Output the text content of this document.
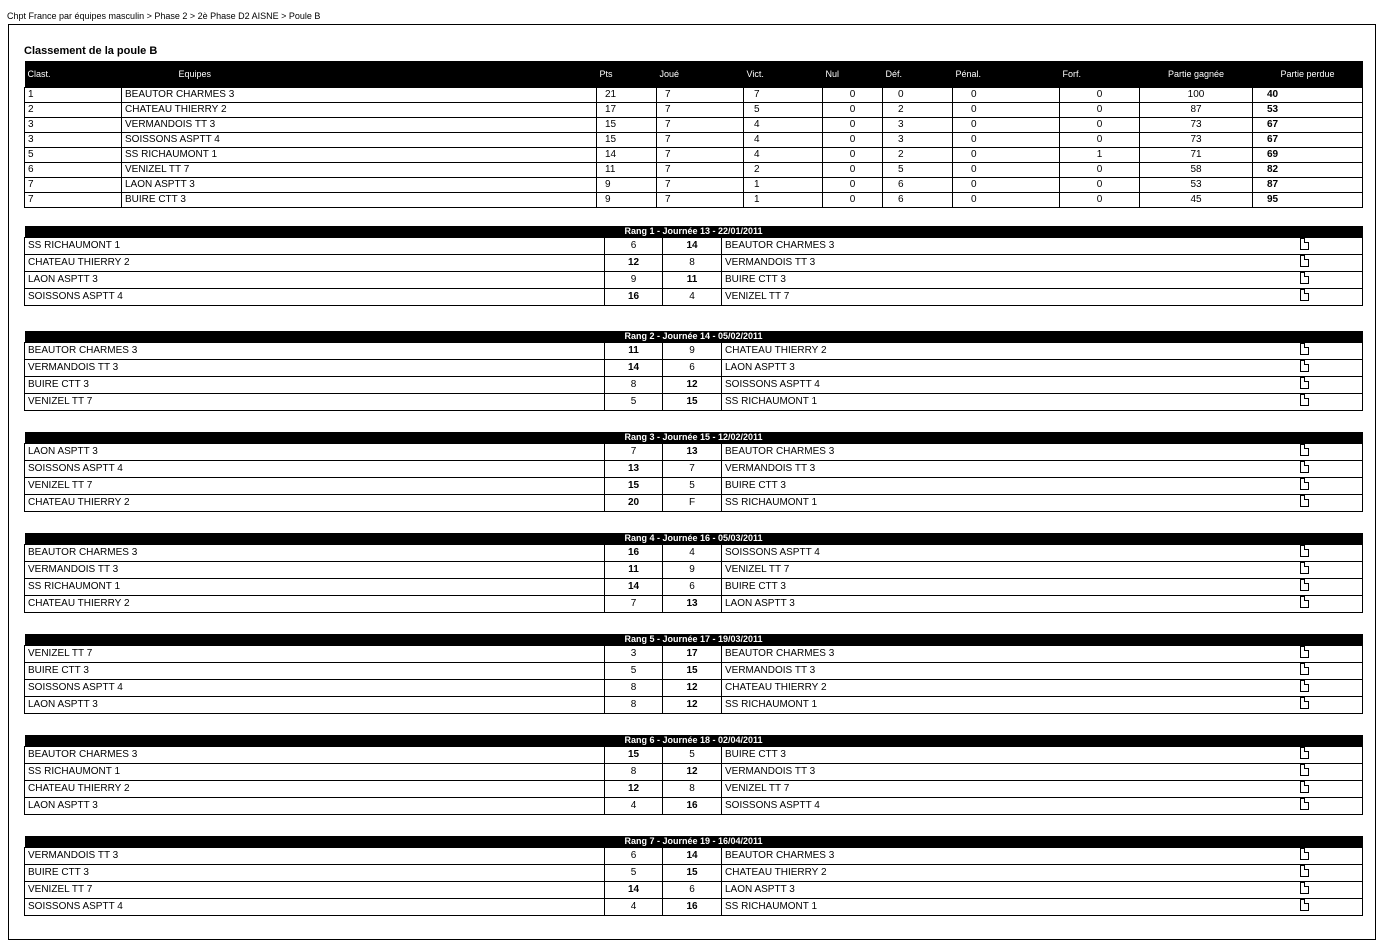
Chpt France par équipes masculin > Phase 2 > 2è Phase D2 AISNE > Poule B
Classement de la poule B
Clast.	Equipes	Pts	Joué	Vict.	Nul	Déf.	Pénal.	Forf.	Partie gagnée	Partie perdue
1	BEAUTOR CHARMES 3	21	7	7	0	0	0	0	100	40
2	CHATEAU THIERRY 2	17	7	5	0	2	0	0	87	53
3	VERMANDOIS TT 3	15	7	4	0	3	0	0	73	67
3	SOISSONS ASPTT 4	15	7	4	0	3	0	0	73	67
5	SS RICHAUMONT 1	14	7	4	0	2	0	1	71	69
6	VENIZEL TT 7	11	7	2	0	5	0	0	58	82
7	LAON ASPTT 3	9	7	1	0	6	0	0	53	87
7	BUIRE CTT 3	9	7	1	0	6	0	0	45	95
Rang 1 - Journée 13 - 22/01/2011				
SS RICHAUMONT 1	6	14	BEAUTOR CHARMES 3	
CHATEAU THIERRY 2	12	8	VERMANDOIS TT 3	
LAON ASPTT 3	9	11	BUIRE CTT 3	
SOISSONS ASPTT 4	16	4	VENIZEL TT 7	
Rang 2 - Journée 14 - 05/02/2011				
BEAUTOR CHARMES 3	11	9	CHATEAU THIERRY 2	
VERMANDOIS TT 3	14	6	LAON ASPTT 3	
BUIRE CTT 3	8	12	SOISSONS ASPTT 4	
VENIZEL TT 7	5	15	SS RICHAUMONT 1	
Rang 3 - Journée 15 - 12/02/2011				
LAON ASPTT 3	7	13	BEAUTOR CHARMES 3	
SOISSONS ASPTT 4	13	7	VERMANDOIS TT 3	
VENIZEL TT 7	15	5	BUIRE CTT 3	
CHATEAU THIERRY 2	20	F	SS RICHAUMONT 1	
Rang 4 - Journée 16 - 05/03/2011				
BEAUTOR CHARMES 3	16	4	SOISSONS ASPTT 4	
VERMANDOIS TT 3	11	9	VENIZEL TT 7	
SS RICHAUMONT 1	14	6	BUIRE CTT 3	
CHATEAU THIERRY 2	7	13	LAON ASPTT 3	
Rang 5 - Journée 17 - 19/03/2011				
VENIZEL TT 7	3	17	BEAUTOR CHARMES 3	
BUIRE CTT 3	5	15	VERMANDOIS TT 3	
SOISSONS ASPTT 4	8	12	CHATEAU THIERRY 2	
LAON ASPTT 3	8	12	SS RICHAUMONT 1	
Rang 6 - Journée 18 - 02/04/2011				
BEAUTOR CHARMES 3	15	5	BUIRE CTT 3	
SS RICHAUMONT 1	8	12	VERMANDOIS TT 3	
CHATEAU THIERRY 2	12	8	VENIZEL TT 7	
LAON ASPTT 3	4	16	SOISSONS ASPTT 4	
Rang 7 - Journée 19 - 16/04/2011				
VERMANDOIS TT 3	6	14	BEAUTOR CHARMES 3	
BUIRE CTT 3	5	15	CHATEAU THIERRY 2	
VENIZEL TT 7	14	6	LAON ASPTT 3	
SOISSONS ASPTT 4	4	16	SS RICHAUMONT 1	
